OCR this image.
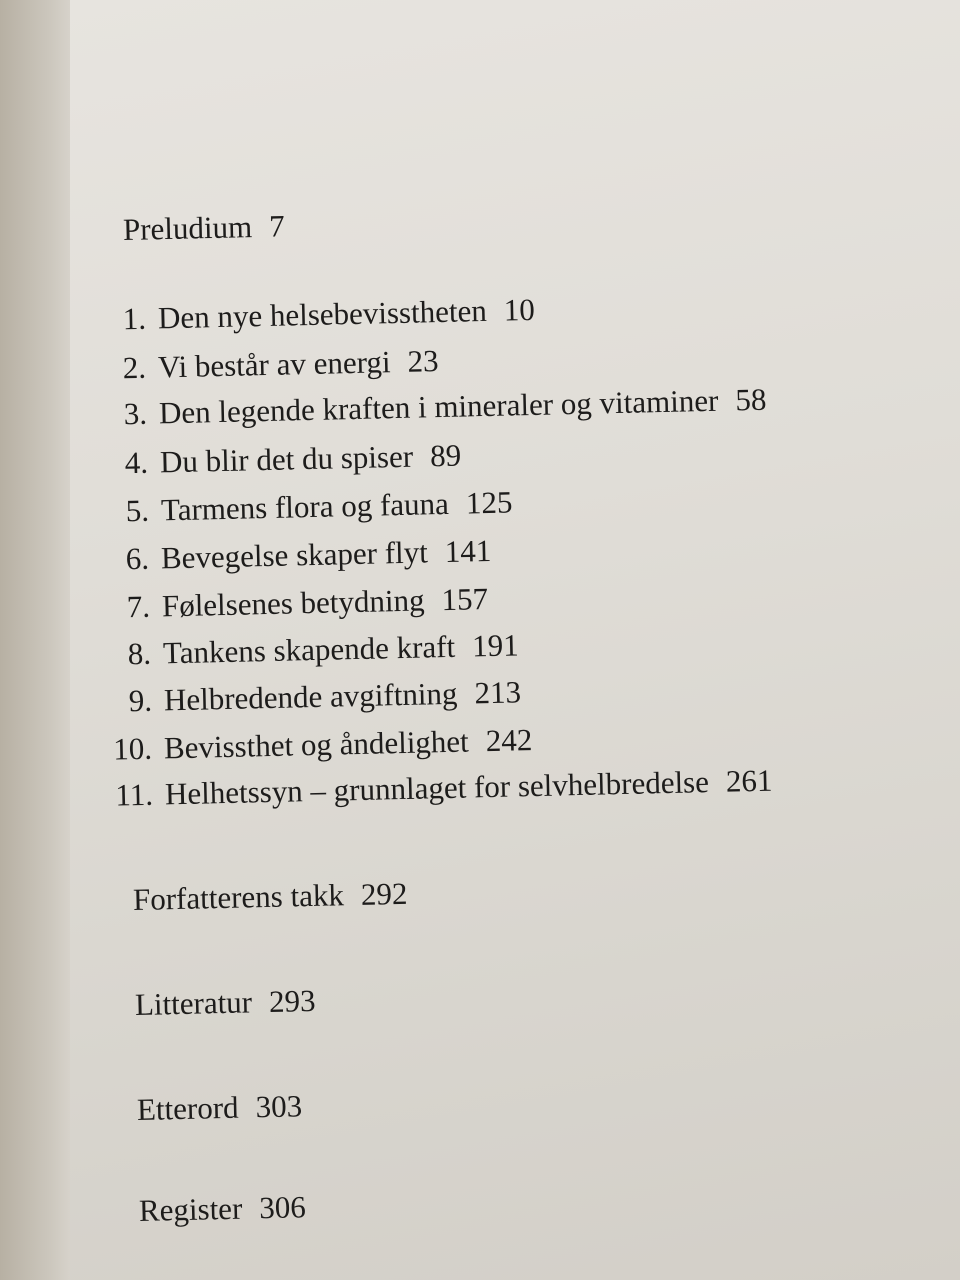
Preludium 7
1. Den nye helsebevisstheten 10
2. Vi består av energi 23
3. Den legende kraften i mineraler og vitaminer 58
4. Du blir det du spiser 89
5. Tarmens flora og fauna 125
6. Bevegelse skaper flyt 141
7. Følelsenes betydning 157
8. Tankens skapende kraft 191
9. Helbredende avgiftning 213
10. Bevissthet og åndelighet 242
11. Helhetssyn – grunnlaget for selvhelbredelse 261
Forfatterens takk 292
Litteratur 293
Etterord 303
Register 306
